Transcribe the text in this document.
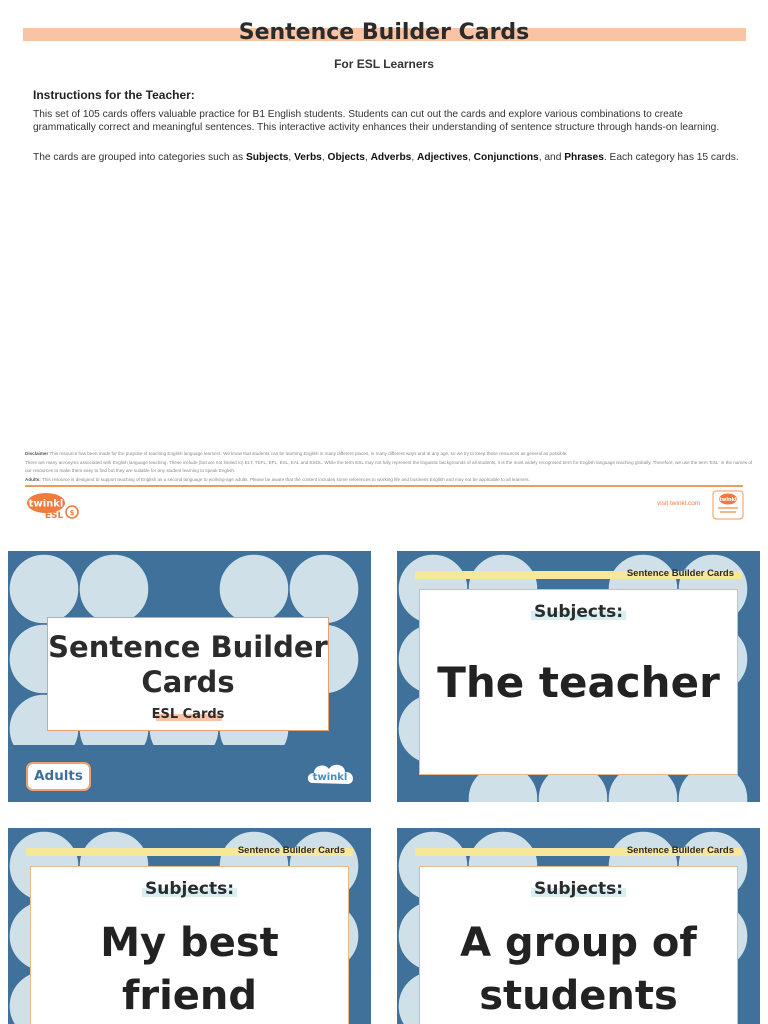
Sentence Builder Cards
For ESL Learners
Instructions for the Teacher:

This set of 105 cards offers valuable practice for B1 English students. Students can cut out the cards and explore various combinations to create grammatically correct and meaningful sentences. This interactive activity enhances their understanding of sentence structure through hands-on learning.

The cards are grouped into categories such as Subjects, Verbs, Objects, Adverbs, Adjectives, Conjunctions, and Phrases. Each category has 15 cards.

Disclaimer This resource has been made for the purpose of teaching English language learners. We know that students can be learning English in many different places, in many different ways and at any age, so we try to keep these resources as general as possible.
There are many acronyms associated with English language teaching. These include (but are not limited to) ELT, TEFL, EFL, ESL, EAL and ESOL. While the term ESL may not fully represent the linguistic backgrounds of all students, it is the most widely recognised term for English language teaching globally. Therefore, we use the term 'ESL' in the names of our resources to make them easy to find but they are suitable for any student learning to speak English.
Adults: This resource is designed to support teaching of English as a second language to working-age adults. Please be aware that the content includes some references to working life and business English and may not be applicable to all learners.
twinkl
ESL $
visit twinkl.com	twinkl
Sentence Builder Cards
ESL Cards
Adults	twinkl
Sentence Builder Cards
Subjects:
The teacher
Sentence Builder Cards
Subjects:
My best friend
Sentence Builder Cards
Subjects:
A group of students
